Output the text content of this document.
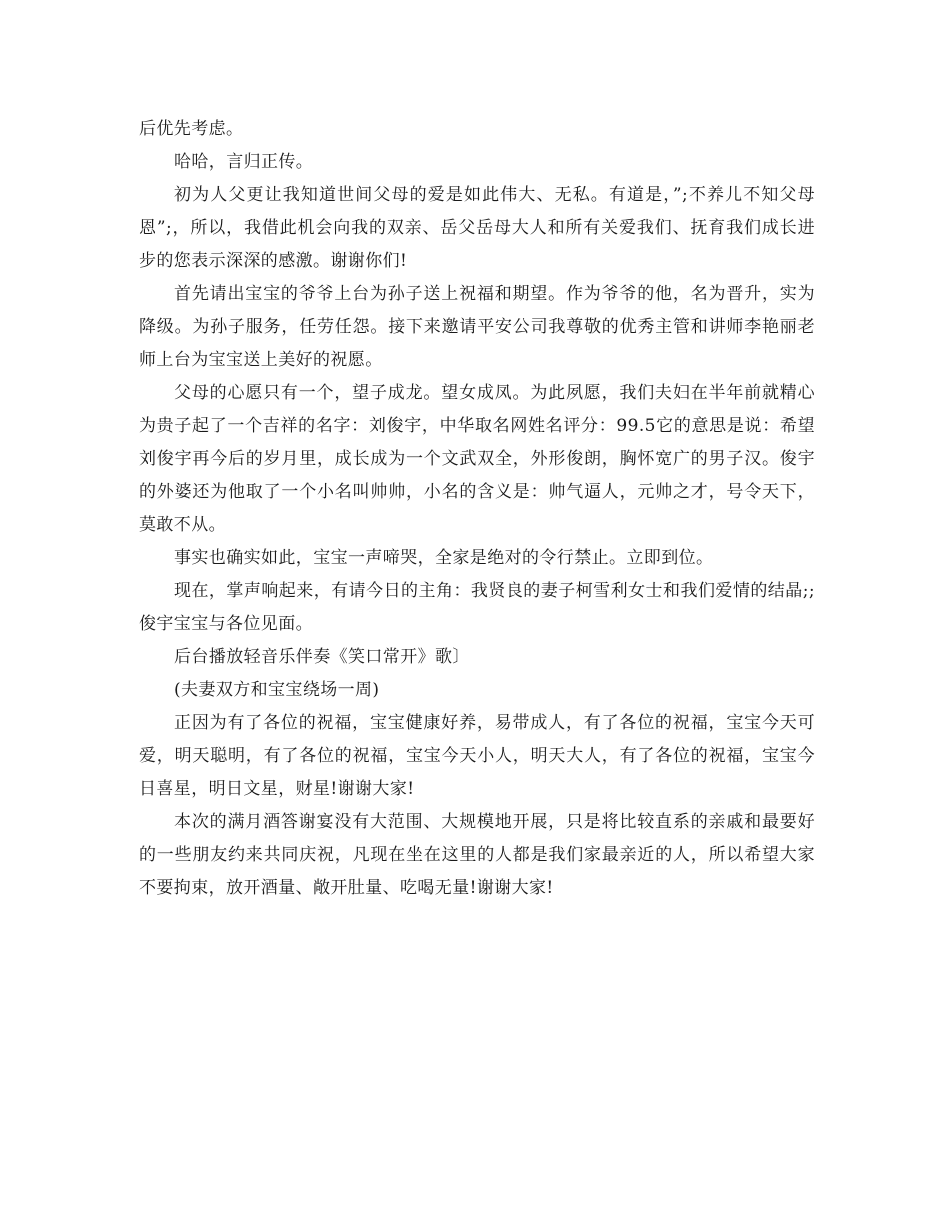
后优先考虑。

哈哈，言归正传。

初为人父更让我知道世间父母的爱是如此伟大、无私。有道是，”;不养儿不知父母恩”;，所以，我借此机会向我的双亲、岳父岳母大人和所有关爱我们、抚育我们成长进步的您表示深深的感激。谢谢你们!

首先请出宝宝的爷爷上台为孙子送上祝福和期望。作为爷爷的他，名为晋升，实为降级。为孙子服务，任劳任怨。接下来邀请平安公司我尊敬的优秀主管和讲师李艳丽老师上台为宝宝送上美好的祝愿。

父母的心愿只有一个，望子成龙。望女成凤。为此夙愿，我们夫妇在半年前就精心为贵子起了一个吉祥的名字：刘俊宇，中华取名网姓名评分：99.5它的意思是说：希望刘俊宇再今后的岁月里，成长成为一个文武双全，外形俊朗，胸怀宽广的男子汉。俊宇的外婆还为他取了一个小名叫帅帅，小名的含义是：帅气逼人，元帅之才，号令天下，莫敢不从。

事实也确实如此，宝宝一声啼哭，全家是绝对的令行禁止。立即到位。

现在，掌声响起来，有请今日的主角：我贤良的妻子柯雪利女士和我们爱情的结晶;;俊宇宝宝与各位见面。

后台播放轻音乐伴奏《笑口常开》歌〕

(夫妻双方和宝宝绕场一周)

正因为有了各位的祝福，宝宝健康好养，易带成人，有了各位的祝福，宝宝今天可爱，明天聪明，有了各位的祝福，宝宝今天小人，明天大人，有了各位的祝福，宝宝今日喜星，明日文星，财星!谢谢大家!

本次的满月酒答谢宴没有大范围、大规模地开展，只是将比较直系的亲戚和最要好的一些朋友约来共同庆祝，凡现在坐在这里的人都是我们家最亲近的人，所以希望大家不要拘束，放开酒量、敞开肚量、吃喝无量!谢谢大家!
